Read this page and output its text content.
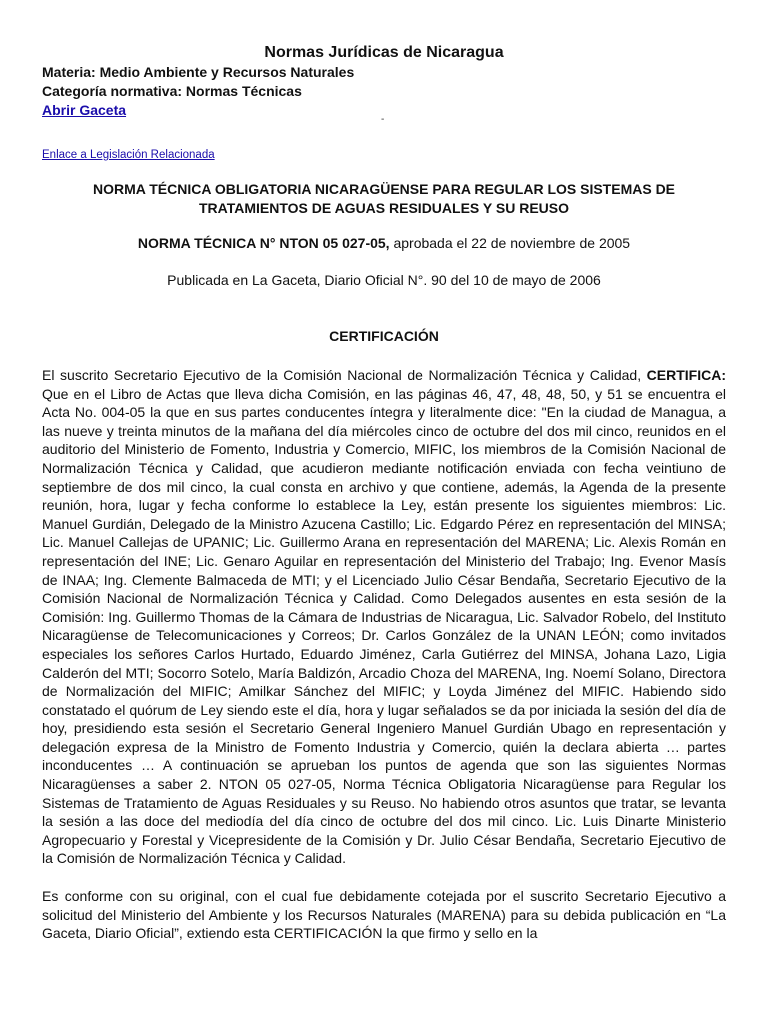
Normas Jurídicas de Nicaragua

Materia: Medio Ambiente y Recursos Naturales

Categoría normativa: Normas Técnicas

Abrir Gaceta
-

Enlace a Legislación Relacionada

NORMA TÉCNICA OBLIGATORIA NICARAGÜENSE PARA REGULAR LOS SISTEMAS DE
TRATAMIENTOS DE AGUAS RESIDUALES Y SU REUSO

NORMA TÉCNICA N° NTON 05 027-05, aprobada el 22 de noviembre de 2005

Publicada en La Gaceta, Diario Oficial N°. 90 del 10 de mayo de 2006

CERTIFICACIÓN

El suscrito Secretario Ejecutivo de la Comisión Nacional de Normalización Técnica y Calidad, CERTIFICA: Que en el Libro de Actas que lleva dicha Comisión, en las páginas 46, 47, 48, 48, 50, y 51 se encuentra el Acta No. 004-05 la que en sus partes conducentes íntegra y literalmente dice: "En la ciudad de Managua, a las nueve y treinta minutos de la mañana del día miércoles cinco de octubre del dos mil cinco, reunidos en el auditorio del Ministerio de Fomento, Industria y Comercio, MIFIC, los miembros de la Comisión Nacional de Normalización Técnica y Calidad, que acudieron mediante notificación enviada con fecha veintiuno de septiembre de dos mil cinco, la cual consta en archivo y que contiene, además, la Agenda de la presente reunión, hora, lugar y fecha conforme lo establece la Ley, están presente los siguientes miembros: Lic. Manuel Gurdián, Delegado de la Ministro Azucena Castillo; Lic. Edgardo Pérez en representación del MINSA; Lic. Manuel Callejas de UPANIC; Lic. Guillermo Arana en representación del MARENA; Lic. Alexis Román en representación del INE; Lic. Genaro Aguilar en representación del Ministerio del Trabajo; Ing. Evenor Masís de INAA; Ing. Clemente Balmaceda de MTI; y el Licenciado Julio César Bendaña, Secretario Ejecutivo de la Comisión Nacional de Normalización Técnica y Calidad. Como Delegados ausentes en esta sesión de la Comisión: Ing. Guillermo Thomas de la Cámara de Industrias de Nicaragua, Lic. Salvador Robelo, del Instituto Nicaragüense de Telecomunicaciones y Correos; Dr. Carlos González de la UNAN LEÓN; como invitados especiales los señores Carlos Hurtado, Eduardo Jiménez, Carla Gutiérrez del MINSA, Johana Lazo, Ligia Calderón del MTI; Socorro Sotelo, María Baldizón, Arcadio Choza del MARENA, Ing. Noemí Solano, Directora de Normalización del MIFIC; Amilkar Sánchez del MIFIC; y Loyda Jiménez del MIFIC. Habiendo sido constatado el quórum de Ley siendo este el día, hora y lugar señalados se da por iniciada la sesión del día de hoy, presidiendo esta sesión el Secretario General Ingeniero Manuel Gurdián Ubago en representación y delegación expresa de la Ministro de Fomento Industria y Comercio, quién la declara abierta … partes inconducentes … A continuación se aprueban los puntos de agenda que son las siguientes Normas Nicaragüenses a saber 2. NTON 05 027-05, Norma Técnica Obligatoria Nicaragüense para Regular los Sistemas de Tratamiento de Aguas Residuales y su Reuso. No habiendo otros asuntos que tratar, se levanta la sesión a las doce del mediodía del día cinco de octubre del dos mil cinco. Lic. Luis Dinarte Ministerio Agropecuario y Forestal y Vicepresidente de la Comisión y Dr. Julio César Bendaña, Secretario Ejecutivo de la Comisión de Normalización Técnica y Calidad.

Es conforme con su original, con el cual fue debidamente cotejada por el suscrito Secretario Ejecutivo a solicitud del Ministerio del Ambiente y los Recursos Naturales (MARENA) para su debida publicación en “La Gaceta, Diario Oficial”, extiendo esta CERTIFICACIÓN la que firmo y sello en la
